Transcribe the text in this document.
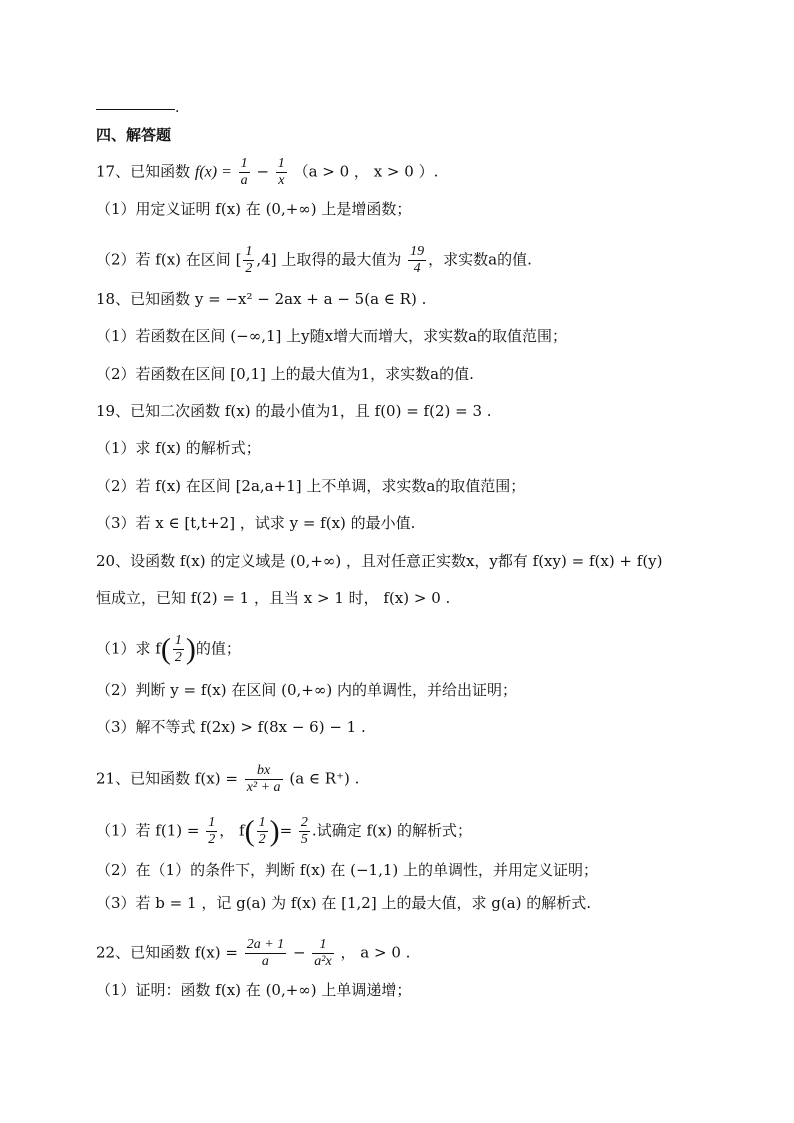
.
四、解答题
17、已知函数 $f(x) = \frac{1}{a} - \frac{1}{x} (a > 0$ ， x > 0 ）.
（1）用定义证明 f(x) 在 (0,+∞) 上是增函数；
（2）若 f(x) 在区间 [ $\frac{1}{2} ,4$] 上取得的最大值为 $\frac{19}{4}$ ，求实数a的值.
18、已知函数 y = −x² − 2ax + a − 5(a ∈ R) .
（1）若函数在区间 (−∞,1] 上y随x增大而增大，求实数a的取值范围；
（2）若函数在区间 [0,1] 上的最大值为1，求实数a的值.
19、已知二次函数 f(x) 的最小值为1，且 f(0) = f(2) = 3 .
（1）求 f(x) 的解析式；
（2）若 f(x) 在区间 [2a,a+1] 上不单调，求实数a的取值范围；
（3）若 x ∈ [t,t+2] ，试求 y = f(x) 的最小值.
20、设函数 f(x) 的定义域是 (0,+∞) ，且对任意正实数x，y都有 f(xy) = f(x) + f(y)
恒成立，已知 f(2) = 1 ，且当 x > 1 时， f(x) > 0 .
（1）求 $f( \frac{1}{2}$ )的值；
（2）判断 y = f(x) 在区间 (0,+∞) 内的单调性，并给出证明；
（3）解不等式 f(2x) > f(8x − 6) − 1 .
21、已知函数 $f(x) = \frac{bx}{\text{x² + a}} (a$ ∈ R⁺) .
（1）若 $f(1) = \frac{1}{2}$ ， $f( \frac{1}{2}$ )= $\frac{2}{5}$ .试确定 f(x) 的解析式；
（2）在（1）的条件下，判断 f(x) 在 (−1,1) 上的单调性，并用定义证明；
（3）若 b = 1 ，记 g(a) 为 f(x) 在 [1,2] 上的最大值，求 g(a) 的解析式.
22、已知函数 $f(x) = \frac{2a + 1}{a} - \frac{1}{\text{a²x}}$ ， a > 0 .
（1）证明：函数 f(x) 在 (0,+∞) 上单调递增；
